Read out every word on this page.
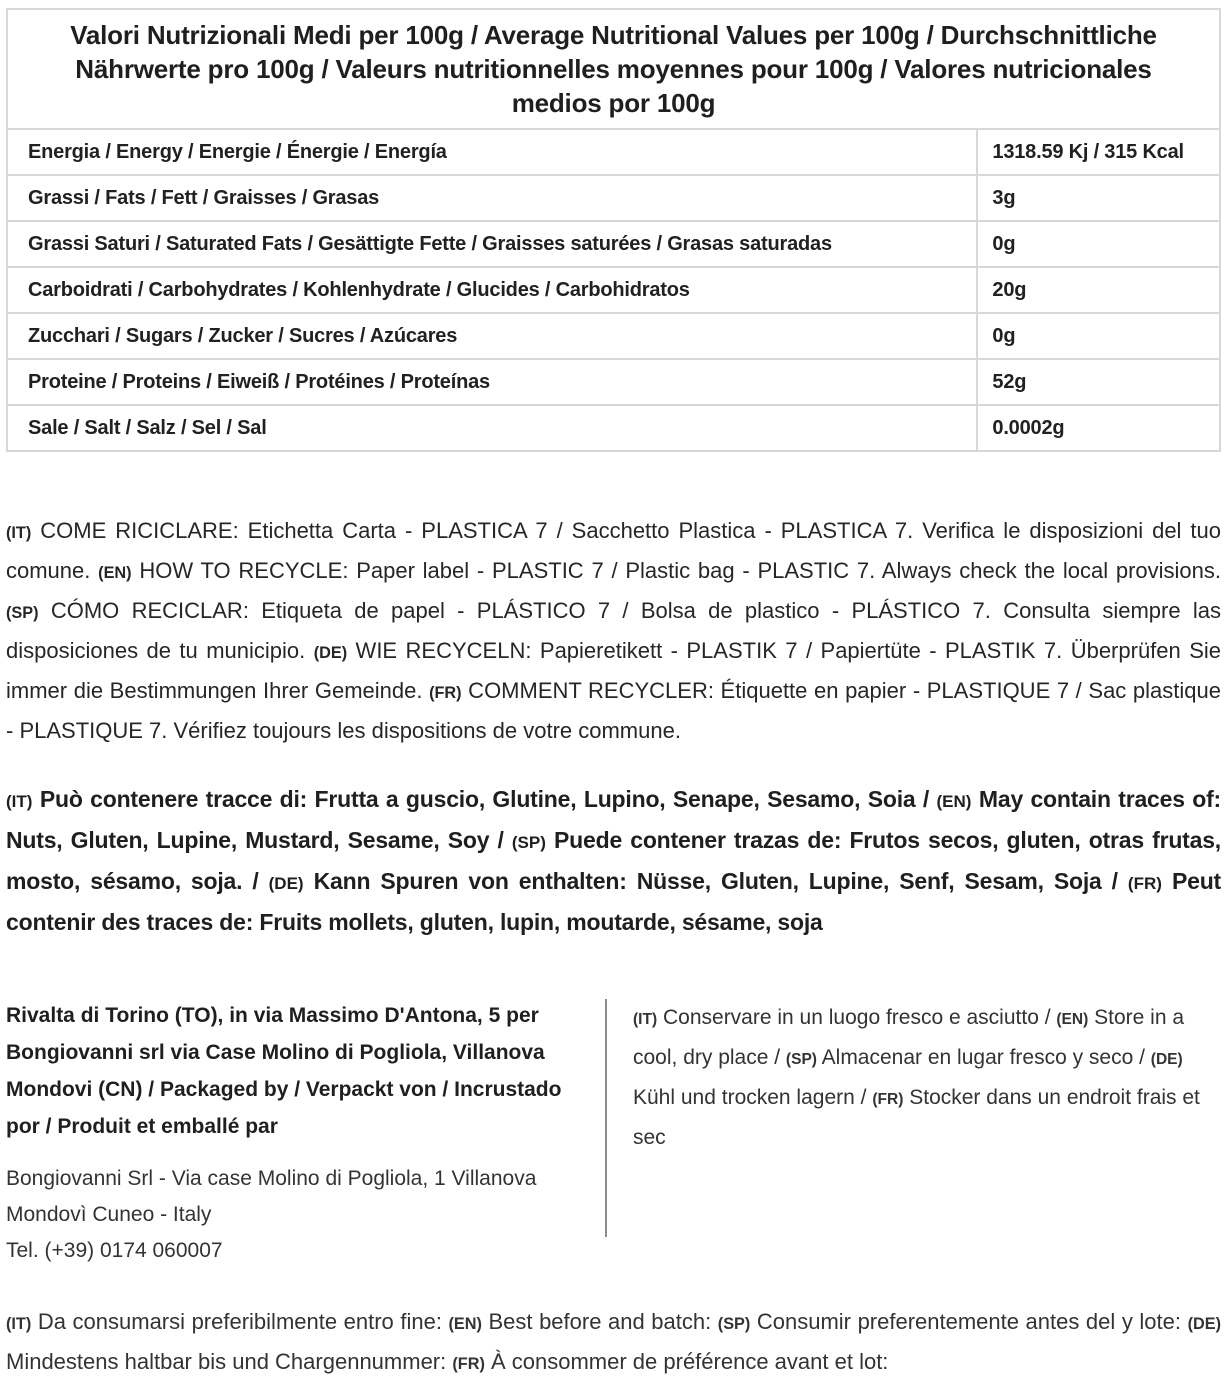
Valori Nutrizionali Medi per 100g / Average Nutritional Values per 100g / Durchschnittliche Nährwerte pro 100g / Valeurs nutritionnelles moyennes pour 100g / Valores nutricionales medios por 100g	
Energia / Energy / Energie / Énergie / Energía	1318.59 Kj / 315 Kcal
Grassi / Fats / Fett / Graisses / Grasas	3g
Grassi Saturi / Saturated Fats / Gesättigte Fette / Graisses saturées / Grasas saturadas	0g
Carboidrati / Carbohydrates / Kohlenhydrate / Glucides / Carbohidratos	20g
Zucchari / Sugars / Zucker / Sucres / Azúcares	0g
Proteine / Proteins / Eiweiß / Protéines / Proteínas	52g
Sale / Salt / Salz / Sel / Sal	0.0002g

(IT) COME RICICLARE: Etichetta Carta - PLASTICA 7 / Sacchetto Plastica - PLASTICA 7. Verifica le disposizioni del tuo comune. (EN) HOW TO RECYCLE: Paper label - PLASTIC 7 / Plastic bag - PLASTIC 7. Always check the local provisions. (SP) CÓMO RECICLAR: Etiqueta de papel - PLÁSTICO 7 / Bolsa de plastico - PLÁSTICO 7. Consulta siempre las disposiciones de tu municipio. (DE) WIE RECYCELN: Papieretikett - PLASTIK 7 / Papiertüte - PLASTIK 7. Überprüfen Sie immer die Bestimmungen Ihrer Gemeinde. (FR) COMMENT RECYCLER: Étiquette en papier - PLASTIQUE 7 / Sac plastique - PLASTIQUE 7. Vérifiez toujours les dispositions de votre commune.

(IT) Può contenere tracce di: Frutta a guscio, Glutine, Lupino, Senape, Sesamo, Soia / (EN) May contain traces of: Nuts, Gluten, Lupine, Mustard, Sesame, Soy / (SP) Puede contener trazas de: Frutos secos, gluten, otras frutas, mosto, sésamo, soja. / (DE) Kann Spuren von enthalten: Nüsse, Gluten, Lupine, Senf, Sesam, Soja / (FR) Peut contenir des traces de: Fruits mollets, gluten, lupin, moutarde, sésame, soja

Rivalta di Torino (TO), in via Massimo D'Antona, 5 per Bongiovanni srl via Case Molino di Pogliola, Villanova Mondovi (CN) / Packaged by / Verpackt von / Incrustado por / Produit et emballé par
Bongiovanni Srl - Via case Molino di Pogliola, 1 Villanova Mondovì Cuneo - Italy
Tel. (+39) 0174 060007
(IT) Conservare in un luogo fresco e asciutto / (EN) Store in a cool, dry place / (SP) Almacenar en lugar fresco y seco / (DE) Kühl und trocken lagern / (FR) Stocker dans un endroit frais et sec

(IT) Da consumarsi preferibilmente entro fine: (EN) Best before and batch: (SP) Consumir preferentemente antes del y lote: (DE) Mindestens haltbar bis und Chargennummer: (FR) À consommer de préférence avant et lot:
